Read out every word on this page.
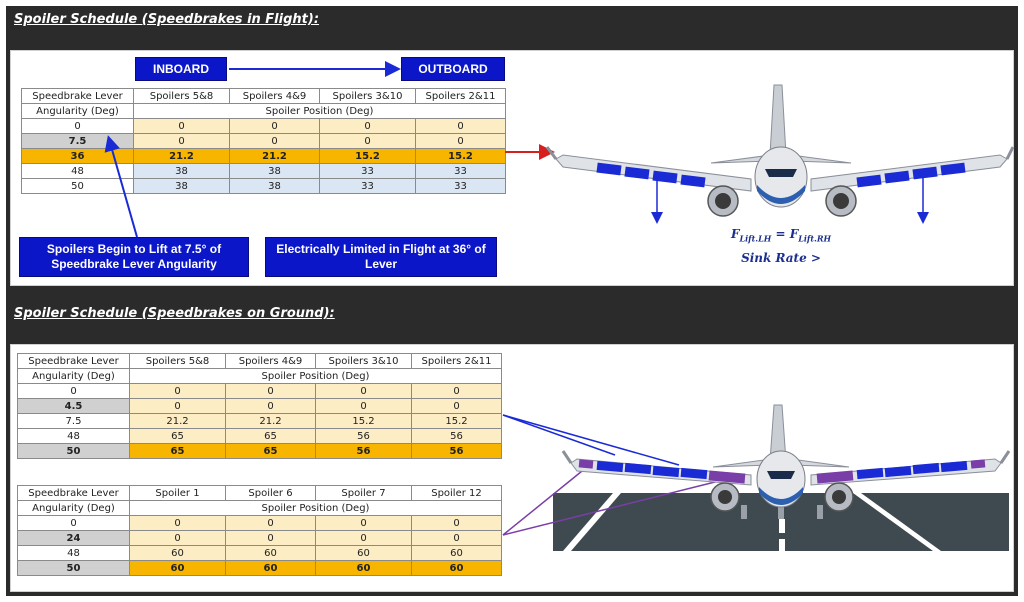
Spoiler Schedule (Speedbrakes in Flight):
INBOARD	OUTBOARD
Speedbrake Lever	Spoilers 5&8	Spoilers 4&9	Spoilers 3&10	Spoilers 2&11
Angularity (Deg)	Spoiler Position (Deg)			
0	0	0	0	0
7.5	0	0	0	0
36	21.2	21.2	15.2	15.2
48	38	38	33	33
50	38	38	33	33
Spoilers Begin to Lift at 7.5° of Speedbrake Lever Angularity
Electrically Limited in Flight at 36° of Lever
$F_{Lift.LH} = F_{Lift.RH}$
Sink Rate >
Spoiler Schedule (Speedbrakes on Ground):
Speedbrake Lever	Spoilers 5&8	Spoilers 4&9	Spoilers 3&10	Spoilers 2&11
Angularity (Deg)	Spoiler Position (Deg)			
0	0	0	0	0
4.5	0	0	0	0
7.5	21.2	21.2	15.2	15.2
48	65	65	56	56
50	65	65	56	56
Speedbrake Lever	Spoiler 1	Spoiler 6	Spoiler 7	Spoiler 12
Angularity (Deg)	Spoiler Position (Deg)			
0	0	0	0	0
24	0	0	0	0
48	60	60	60	60
50	60	60	60	60
